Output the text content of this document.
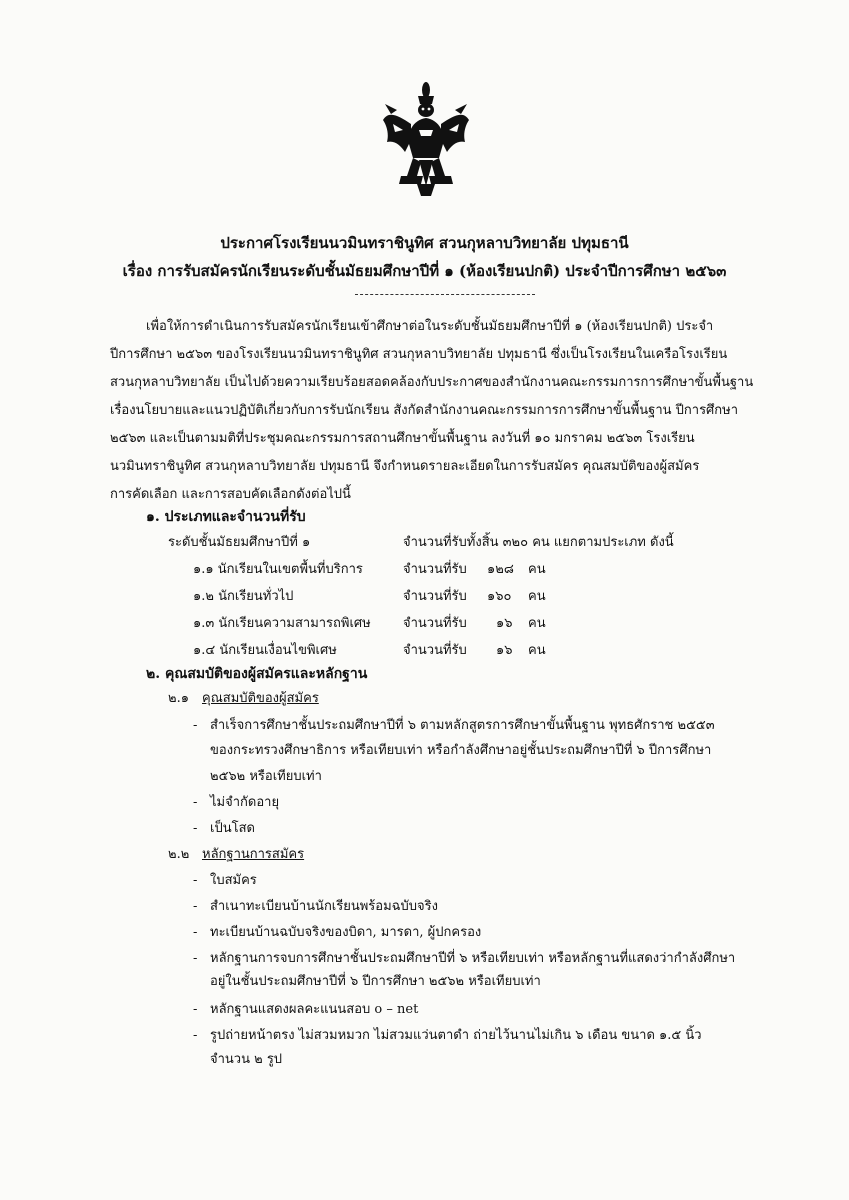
ประกาศโรงเรียนนวมินทราชินูทิศ สวนกุหลาบวิทยาลัย ปทุมธานี
เรื่อง การรับสมัครนักเรียนระดับชั้นมัธยมศึกษาปีที่ ๑ (ห้องเรียนปกติ) ประจำปีการศึกษา ๒๕๖๓
เพื่อให้การดำเนินการรับสมัครนักเรียนเข้าศึกษาต่อในระดับชั้นมัธยมศึกษาปีที่ ๑ (ห้องเรียนปกติ) ประจำ
ปีการศึกษา ๒๕๖๓ ของโรงเรียนนวมินทราชินูทิศ สวนกุหลาบวิทยาลัย ปทุมธานี ซึ่งเป็นโรงเรียนในเครือโรงเรียน
สวนกุหลาบวิทยาลัย เป็นไปด้วยความเรียบร้อยสอดคล้องกับประกาศของสำนักงานคณะกรรมการการศึกษาขั้นพื้นฐาน
เรื่องนโยบายและแนวปฏิบัติเกี่ยวกับการรับนักเรียน สังกัดสำนักงานคณะกรรมการการศึกษาขั้นพื้นฐาน ปีการศึกษา
๒๕๖๓ และเป็นตามมติที่ประชุมคณะกรรมการสถานศึกษาขั้นพื้นฐาน ลงวันที่ ๑๐ มกราคม ๒๕๖๓ โรงเรียน
นวมินทราชินูทิศ สวนกุหลาบวิทยาลัย ปทุมธานี จึงกำหนดรายละเอียดในการรับสมัคร คุณสมบัติของผู้สมัคร
การคัดเลือก และการสอบคัดเลือกดังต่อไปนี้
๑. ประเภทและจำนวนที่รับ
ระดับชั้นมัธยมศึกษาปีที่ ๑	จำนวนที่รับทั้งสิ้น ๓๒๐ คน แยกตามประเภท ดังนี้
๑.๑ นักเรียนในเขตพื้นที่บริการ	จำนวนที่รับ ๑๒๘ คน
๑.๒ นักเรียนทั่วไป	จำนวนที่รับ ๑๖๐ คน
๑.๓ นักเรียนความสามารถพิเศษ จำนวนที่รับ ๑๖ คน
๑.๔ นักเรียนเงื่อนไขพิเศษ	จำนวนที่รับ ๑๖ คน
๒. คุณสมบัติของผู้สมัครและหลักฐาน
๒.๑ คุณสมบัติของผู้สมัคร
- สำเร็จการศึกษาชั้นประถมศึกษาปีที่ ๖ ตามหลักสูตรการศึกษาขั้นพื้นฐาน พุทธศักราช ๒๕๕๓
ของกระทรวงศึกษาธิการ หรือเทียบเท่า หรือกำลังศึกษาอยู่ชั้นประถมศึกษาปีที่ ๖ ปีการศึกษา
๒๕๖๒ หรือเทียบเท่า
- ไม่จำกัดอายุ
- เป็นโสด
๒.๒ หลักฐานการสมัคร
- ใบสมัคร
- สำเนาทะเบียนบ้านนักเรียนพร้อมฉบับจริง
- ทะเบียนบ้านฉบับจริงของบิดา, มารดา, ผู้ปกครอง
- หลักฐานการจบการศึกษาชั้นประถมศึกษาปีที่ ๖ หรือเทียบเท่า หรือหลักฐานที่แสดงว่ากำลังศึกษา
อยู่ในชั้นประถมศึกษาปีที่ ๖ ปีการศึกษา ๒๕๖๒ หรือเทียบเท่า
- หลักฐานแสดงผลคะแนนสอบ o – net
- รูปถ่ายหน้าตรง ไม่สวมหมวก ไม่สวมแว่นตาดำ ถ่ายไว้นานไม่เกิน ๖ เดือน ขนาด ๑.๕ นิ้ว
จำนวน ๒ รูป
